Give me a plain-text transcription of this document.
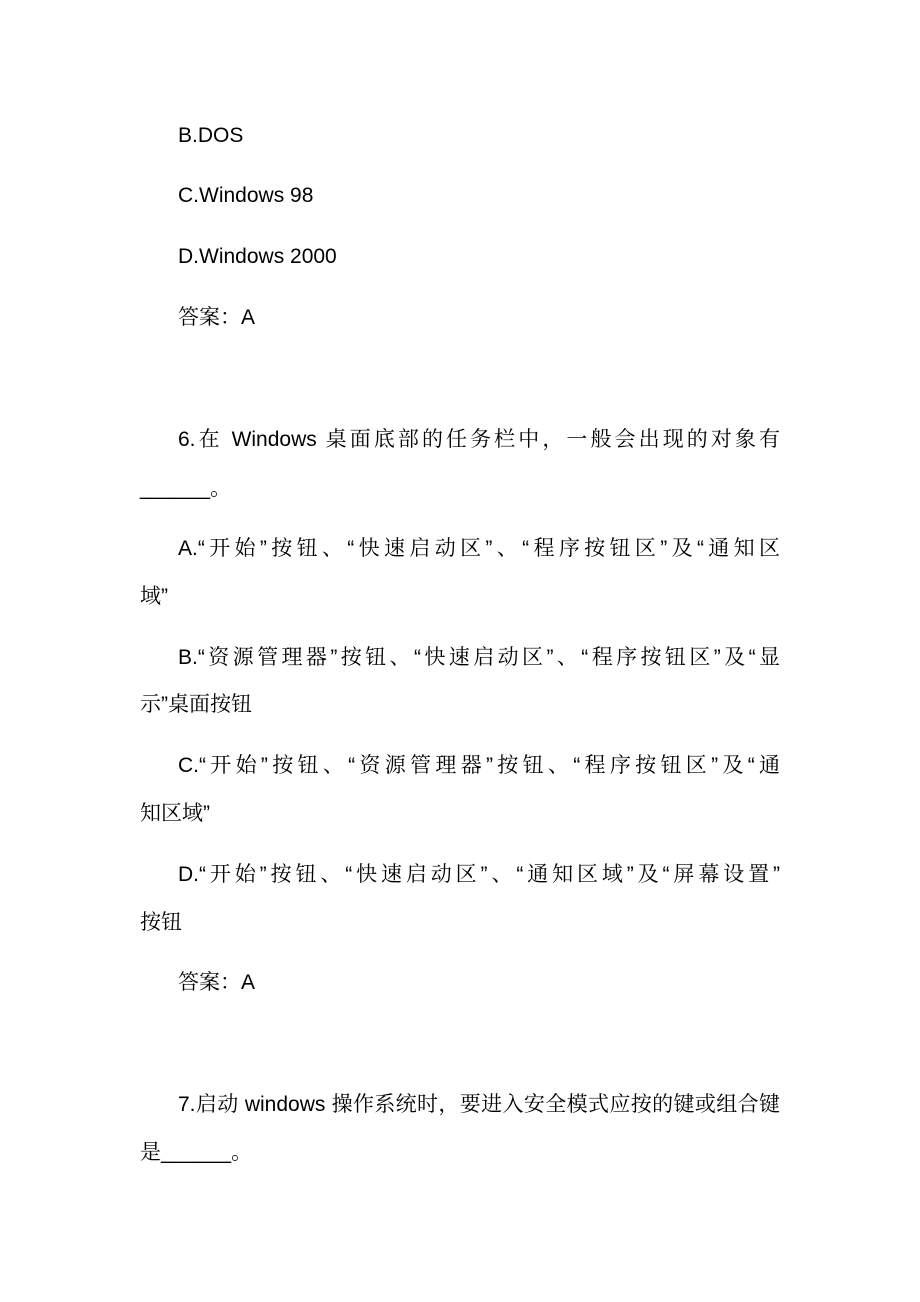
B.DOS
C.Windows 98
D.Windows 2000
答案：A
6.在 Windows 桌面底部的任务栏中，一般会出现的对象有
______。
A.“开始”按钮、“快速启动区”、“程序按钮区”及“通知区
域”
B.“资源管理器”按钮、“快速启动区”、“程序按钮区”及“显
示”桌面按钮
C.“开始”按钮、“资源管理器”按钮、“程序按钮区”及“通
知区域”
D.“开始”按钮、“快速启动区”、“通知区域”及“屏幕设置”
按钮
答案：A
7.启动 windows 操作系统时，要进入安全模式应按的键或组合键
是______。
